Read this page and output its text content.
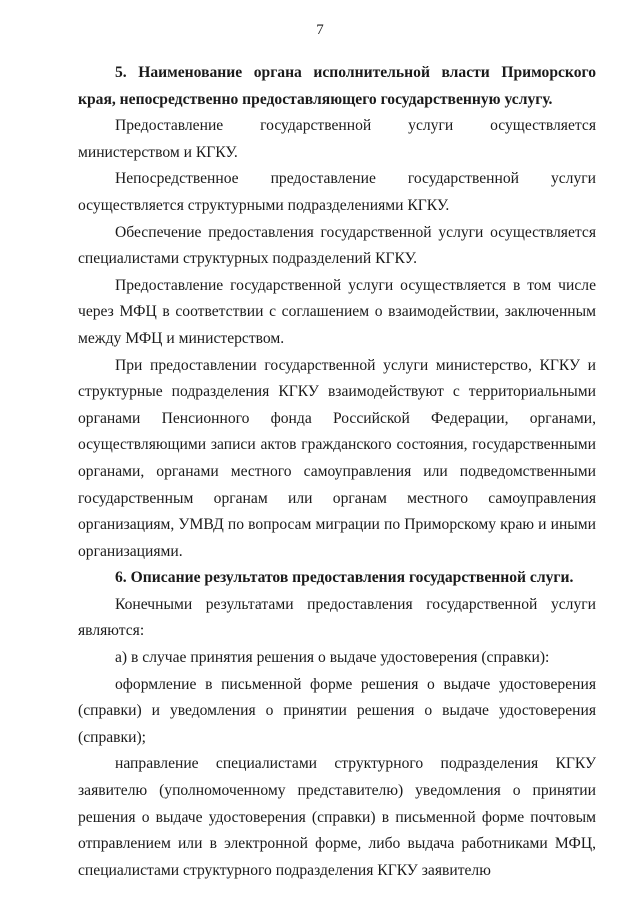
7

5. Наименование органа исполнительной власти Приморского края, непосредственно предоставляющего государственную услугу.

Предоставление государственной услуги осуществляется министерством и КГКУ.

Непосредственное предоставление государственной услуги осуществляется структурными подразделениями КГКУ.

Обеспечение предоставления государственной услуги осуществляется специалистами структурных подразделений КГКУ.

Предоставление государственной услуги осуществляется в том числе через МФЦ в соответствии с соглашением о взаимодействии, заключенным между МФЦ и министерством.

При предоставлении государственной услуги министерство, КГКУ и структурные подразделения КГКУ взаимодействуют с территориальными органами Пенсионного фонда Российской Федерации, органами, осуществляющими записи актов гражданского состояния, государственными органами, органами местного самоуправления или подведомственными государственным органам или органам местного самоуправления организациям, УМВД по вопросам миграции по Приморскому краю и иными организациями.

6. Описание результатов предоставления государственной слуги.

Конечными результатами предоставления государственной услуги являются:

а) в случае принятия решения о выдаче удостоверения (справки):

оформление в письменной форме решения о выдаче удостоверения (справки) и уведомления о принятии решения о выдаче удостоверения (справки);

направление специалистами структурного подразделения КГКУ заявителю (уполномоченному представителю) уведомления о принятии решения о выдаче удостоверения (справки) в письменной форме почтовым отправлением или в электронной форме, либо выдача работниками МФЦ, специалистами структурного подразделения КГКУ заявителю
